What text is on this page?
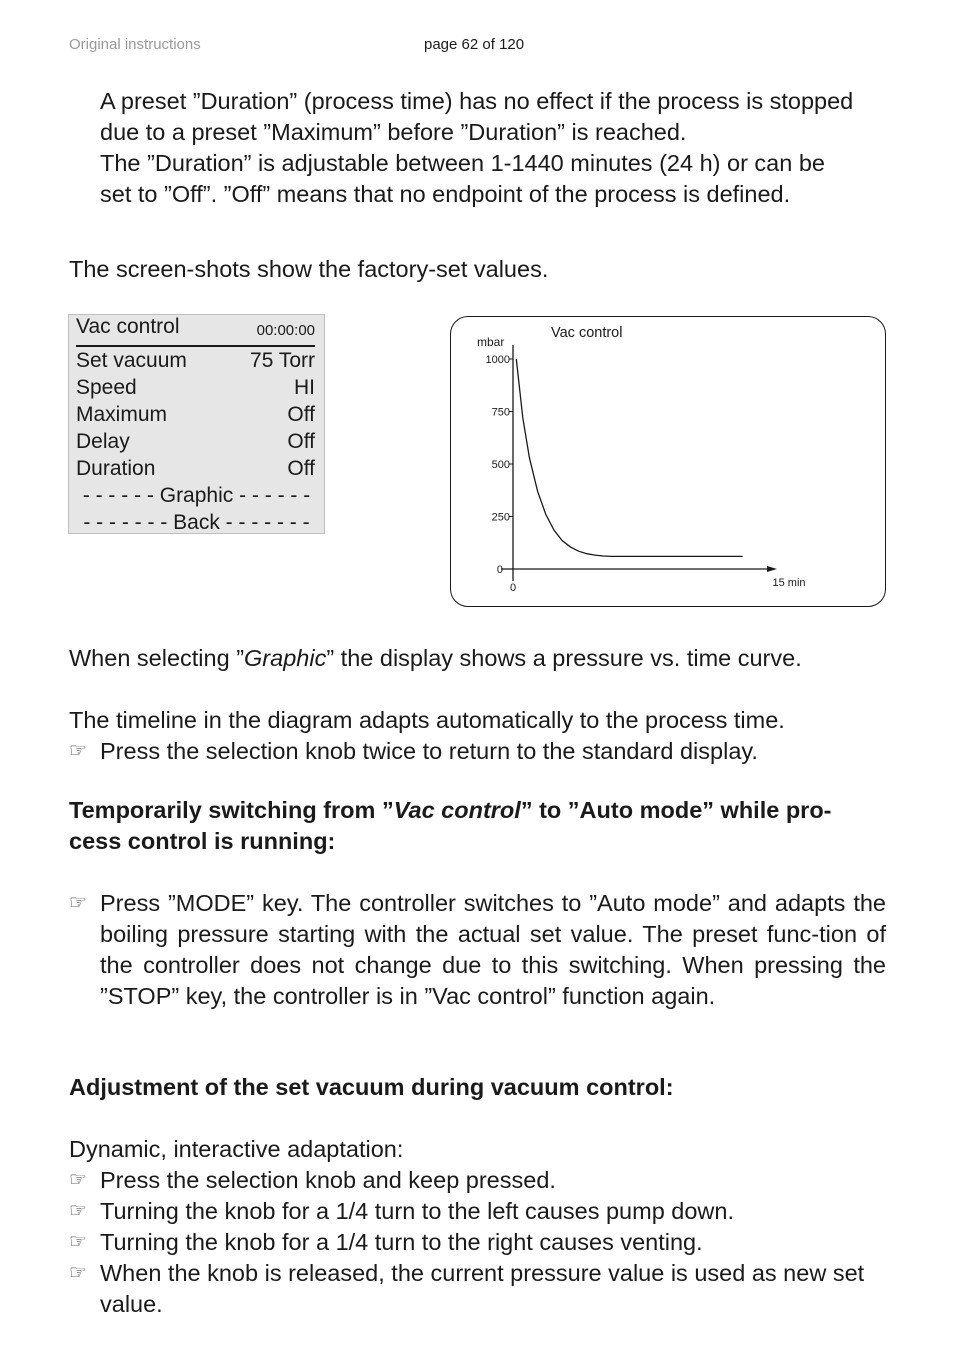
Original instructions	page 62 of 120
A preset ”Duration” (process time) has no effect if the process is stopped
due to a preset ”Maximum” before ”Duration” is reached.
The ”Duration” is adjustable between 1-1440 minutes (24 h) or can be
set to ”Off”. ”Off” means that no endpoint of the process is defined.
The screen-shots show the factory-set values.
Vac control	00:00:00
Set vacuum	75 Torr
Speed	HI
Maximum	Off
Delay	Off
Duration	Off
- - - - - - Graphic - - - - - -
- - - - - - - Back - - - - - - -
Vac control
mbar
1000
750
500
250
0
0	15 min
When selecting ”Graphic” the display shows a pressure vs. time curve.
The timeline in the diagram adapts automatically to the process time.
☞ Press the selection knob twice to return to the standard display.
Temporarily switching from ”Vac control” to ”Auto mode” while pro-
cess control is running:
☞ Press ”MODE” key. The controller switches to ”Auto mode” and adapts the boiling pressure starting with the actual set value. The preset func-tion of the controller does not change due to this switching. When pressing the ”STOP” key, the controller is in ”Vac control” function again.
Adjustment of the set vacuum during vacuum control:
Dynamic, interactive adaptation:
☞ Press the selection knob and keep pressed.
☞ Turning the knob for a 1/4 turn to the left causes pump down.
☞ Turning the knob for a 1/4 turn to the right causes venting.
☞ When the knob is released, the current pressure value is used as new set value.
